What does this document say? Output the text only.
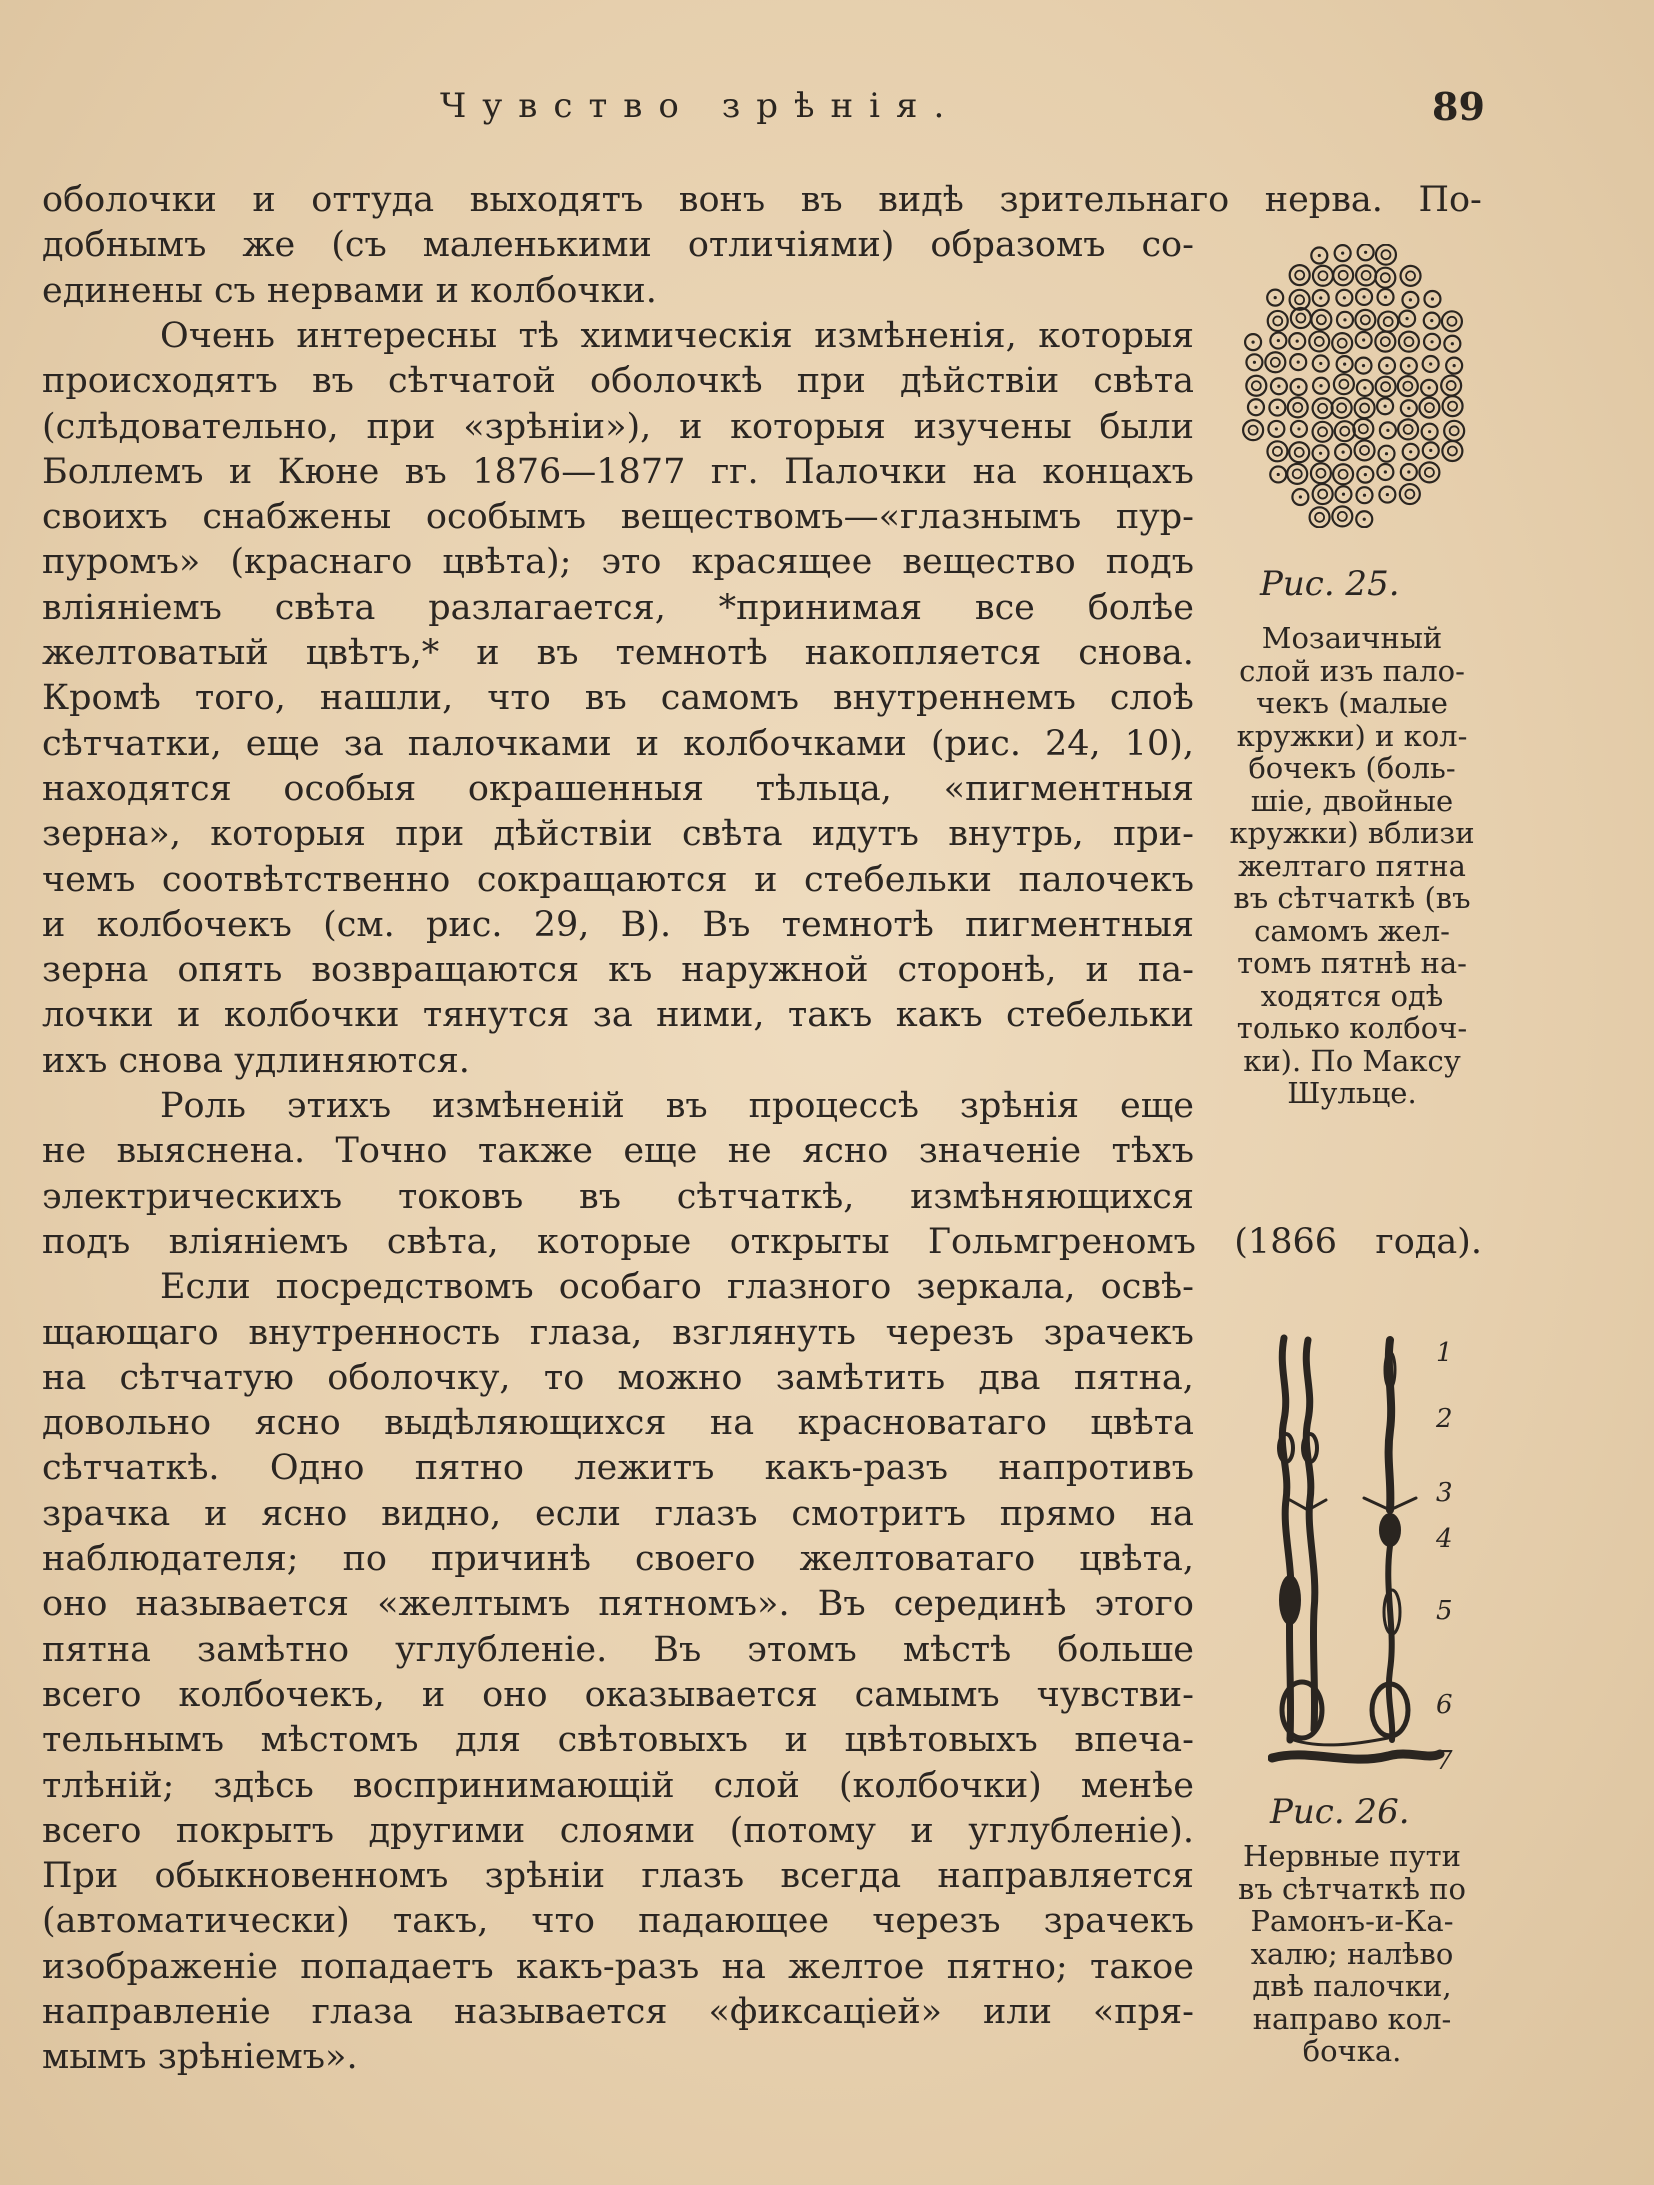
Чувство зрѣнія.	89
оболочки и оттуда выходятъ вонъ въ видѣ зрительнаго нерва. По-
добнымъ же (съ маленькими отличіями) образомъ со-
единены съ нервами и колбочки.
Очень интересны тѣ химическія измѣненія, которыя
происходятъ въ сѣтчатой оболочкѣ при дѣйствіи свѣта
(слѣдовательно, при «зрѣніи»), и которыя изучены были
Боллемъ и Кюне въ 1876—1877 гг. Палочки на концахъ
своихъ снабжены особымъ веществомъ—«глазнымъ пур-
пуромъ» (краснаго цвѣта); это красящее вещество подъ
вліяніемъ свѣта разлагается, *принимая все болѣе
желтоватый цвѣтъ,* и въ темнотѣ накопляется снова.
Кромѣ того, нашли, что въ самомъ внутреннемъ слоѣ
сѣтчатки, еще за палочками и колбочками (рис. 24, 10),
находятся особыя окрашенныя тѣльца, «пигментныя
зерна», которыя при дѣйствіи свѣта идутъ внутрь, при-
чемъ соотвѣтственно сокращаются и стебельки палочекъ
и колбочекъ (см. рис. 29, B). Въ темнотѣ пигментныя
зерна опять возвращаются къ наружной сторонѣ, и па-
лочки и колбочки тянутся за ними, такъ какъ стебельки
ихъ снова удлиняются.
Роль этихъ измѣненій въ процессѣ зрѣнія еще
не выяснена. Точно также еще не ясно значеніе тѣхъ
электрическихъ токовъ въ сѣтчаткѣ, измѣняющихся
подъ вліяніемъ свѣта, которые открыты Гольмгреномъ (1866 года).
Если посредствомъ особаго глазного зеркала, освѣ-
щающаго внутренность глаза, взглянуть черезъ зрачекъ
на сѣтчатую оболочку, то можно замѣтить два пятна,
довольно ясно выдѣляющихся на красноватаго цвѣта
сѣтчаткѣ. Одно пятно лежитъ какъ-разъ напротивъ
зрачка и ясно видно, если глазъ смотритъ прямо на
наблюдателя; по причинѣ своего желтоватаго цвѣта,
оно называется «желтымъ пятномъ». Въ серединѣ этого
пятна замѣтно углубленіе. Въ этомъ мѣстѣ больше
всего колбочекъ, и оно оказывается самымъ чувстви-
тельнымъ мѣстомъ для свѣтовыхъ и цвѣтовыхъ впеча-
тлѣній; здѣсь воспринимающій слой (колбочки) менѣе
всего покрытъ другими слоями (потому и углубленіе).
При обыкновенномъ зрѣніи глазъ всегда направляется
(автоматически) такъ, что падающее черезъ зрачекъ
изображеніе попадаетъ какъ-разъ на желтое пятно; такое
направленіе глаза называется «фиксаціей» или «пря-
мымъ зрѣніемъ».
Рис. 25.
Мозаичный
слой изъ пало-
чекъ (малые
кружки) и кол-
бочекъ (боль-
шіе, двойные
кружки) вблизи
желтаго пятна
въ сѣтчаткѣ (въ
самомъ жел-
томъ пятнѣ на-
ходятся одѣ
только колбоч-
ки). По Максу
Шульце.
1
2
3
4
5
6
7
Рис. 26.
Нервные пути
въ сѣтчаткѣ по
Рамонъ-и-Ка-
халю; налѣво
двѣ палочки,
направо кол-
бочка.
